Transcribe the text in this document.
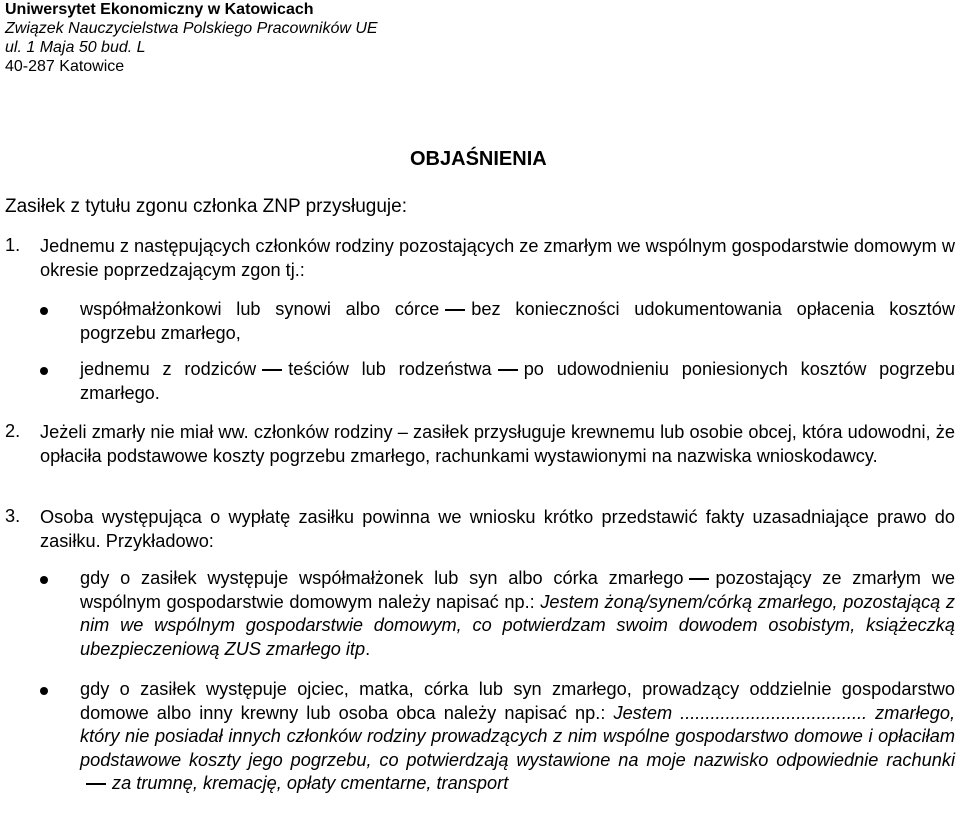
Uniwersytet Ekonomiczny w Katowicach
Związek Nauczycielstwa Polskiego Pracowników UE
ul. 1 Maja 50 bud. L
40-287 Katowice
OBJAŚNIENIA
Zasiłek z tytułu zgonu członka ZNP przysługuje:
1. Jednemu z następujących członków rodziny pozostających ze zmarłym we wspólnym gospodarstwie domowym w okresie poprzedzającym zgon tj.:
współmałżonkowi lub synowi albo córce bez konieczności udokumentowania opłacenia kosztów pogrzebu zmarłego,
jednemu z rodziców teściów lub rodzeństwa po udowodnieniu poniesionych kosztów pogrzebu zmarłego.
2. Jeżeli zmarły nie miał ww. członków rodziny – zasiłek przysługuje krewnemu lub osobie obcej, która udowodni, że opłaciła podstawowe koszty pogrzebu zmarłego, rachunkami wystawionymi na nazwiska wnioskodawcy.
3. Osoba występująca o wypłatę zasiłku powinna we wniosku krótko przedstawić fakty uzasadniające prawo do zasiłku. Przykładowo:
gdy o zasiłek występuje współmałżonek lub syn albo córka zmarłego pozostający ze zmarłym we wspólnym gospodarstwie domowym należy napisać np.: Jestem żoną/synem/córką zmarłego, pozostającą z nim we wspólnym gospodarstwie domowym, co potwierdzam swoim dowodem osobistym, książeczką ubezpieczeniową ZUS zmarłego itp.
gdy o zasiłek występuje ojciec, matka, córka lub syn zmarłego, prowadzący oddzielnie gospodarstwo domowe albo inny krewny lub osoba obca należy napisać np.: Jestem ..................................... zmarłego, który nie posiadał innych członków rodziny prowadzących z nim wspólne gospodarstwo domowe i opłaciłam podstawowe koszty jego pogrzebu, co potwierdzają wystawione na moje nazwisko odpowiednie rachunkiza trumnę, kremację, opłaty cmentarne, transport
